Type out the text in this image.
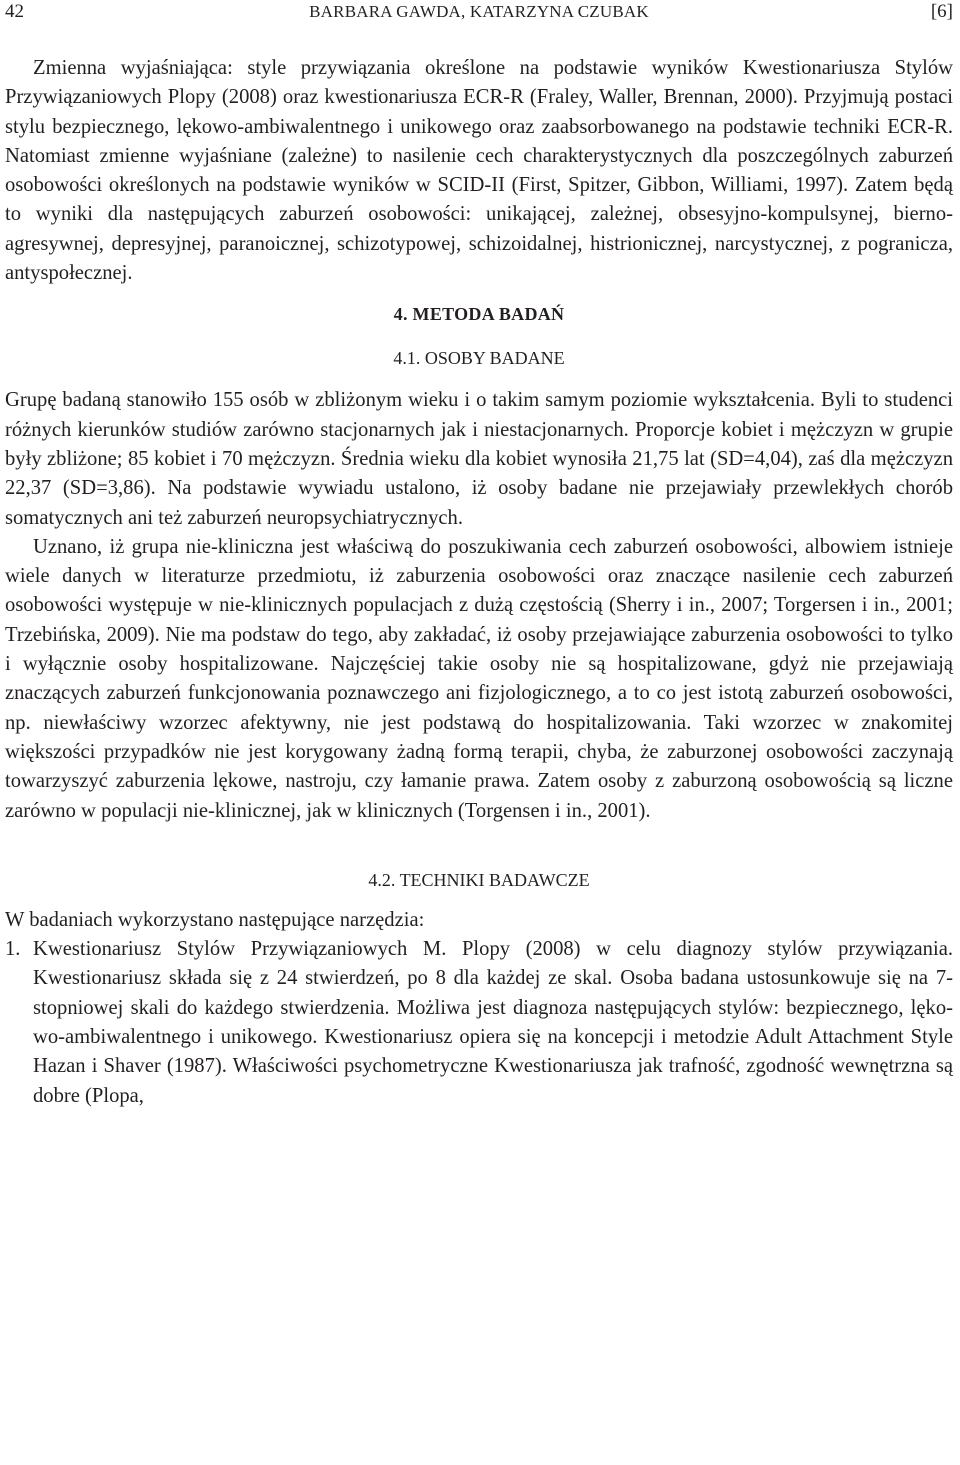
42	BARBARA GAWDA, KATARZYNA CZUBAK	[6]

Zmienna wyjaśniająca: style przywiązania określone na podstawie wyników Kwestionariusza Stylów Przywiązaniowych Plopy (2008) oraz kwestionariusza ECR-R (Fraley, Waller, Brennan, 2000). Przyjmują postaci stylu bezpiecznego, lękowo-ambiwalentnego i unikowego oraz zaabsorbowanego na podstawie techniki ECR-R. Natomiast zmienne wyjaśniane (zależne) to nasilenie cech charakterystycznych dla poszczególnych zaburzeń osobowości określonych na podstawie wyników w SCID-II (First, Spitzer, Gibbon, Williami, 1997). Zatem będą to wyniki dla następujących zaburzeń osobowości: unikającej, zależnej, obsesyjno-kompulsynej, bierno-agresywnej, depresyjnej, paranoicznej, schizotypowej, schizoidalnej, histrionicznej, narcystycznej, z pogranicza, antyspołecznej.

4. METODA BADAŃ

4.1. OSOBY BADANE

Grupę badaną stanowiło 155 osób w zbliżonym wieku i o takim samym poziomie wykształcenia. Byli to studenci różnych kierunków studiów zarówno stacjonarnych jak i niestacjonarnych. Proporcje kobiet i mężczyzn w grupie były zbliżone; 85 kobiet i 70 mężczyzn. Średnia wieku dla kobiet wynosiła 21,75 lat (SD=4,04), zaś dla mężczyzn 22,37 (SD=3,86). Na podstawie wywiadu ustalono, iż osoby badane nie przejawiały przewlekłych chorób somatycznych ani też zaburzeń neuropsychiatrycznych.

Uznano, iż grupa nie-kliniczna jest właściwą do poszukiwania cech zaburzeń osobowości, albowiem istnieje wiele danych w literaturze przedmiotu, iż zaburzenia osobowości oraz znaczące nasilenie cech zaburzeń osobowości występuje w nie-klinicznych populacjach z dużą częstością (Sherry i in., 2007; Torgersen i in., 2001; Trzebińska, 2009). Nie ma podstaw do tego, aby zakładać, iż osoby przejawiające zaburzenia osobowości to tylko i wyłącznie osoby hospitalizowane. Najczęściej takie osoby nie są hospitalizowane, gdyż nie przejawiają znaczących zaburzeń funkcjonowania poznawczego ani fizjologicznego, a to co jest istotą zaburzeń osobowości, np. niewłaściwy wzorzec afektywny, nie jest podstawą do hospitalizowania. Taki wzorzec w znakomitej większości przypadków nie jest korygowany żadną formą terapii, chyba, że zaburzonej osobowości zaczynają towarzyszyć zaburzenia lękowe, nastroju, czy łamanie prawa. Zatem osoby z zaburzoną osobowością są liczne zarówno w populacji nie-klinicznej, jak w klinicznych (Torgensen i in., 2001).

4.2. TECHNIKI BADAWCZE

W badaniach wykorzystano następujące narzędzia:

1. Kwestionariusz Stylów Przywiązaniowych M. Plopy (2008) w celu diagnozy stylów przywiązania. Kwestionariusz składa się z 24 stwierdzeń, po 8 dla każdej ze skal. Osoba badana ustosunkowuje się na 7-stopniowej skali do każdego stwierdzenia. Możliwa jest diagnoza następujących stylów: bezpiecznego, lękowo-ambiwalentnego i unikowego. Kwestionariusz opiera się na koncepcji i metodzie Adult Attachment Style Hazan i Shaver (1987). Właściwości psychometryczne Kwestionariusza jak trafność, zgodność wewnętrzna są dobre (Plopa,
